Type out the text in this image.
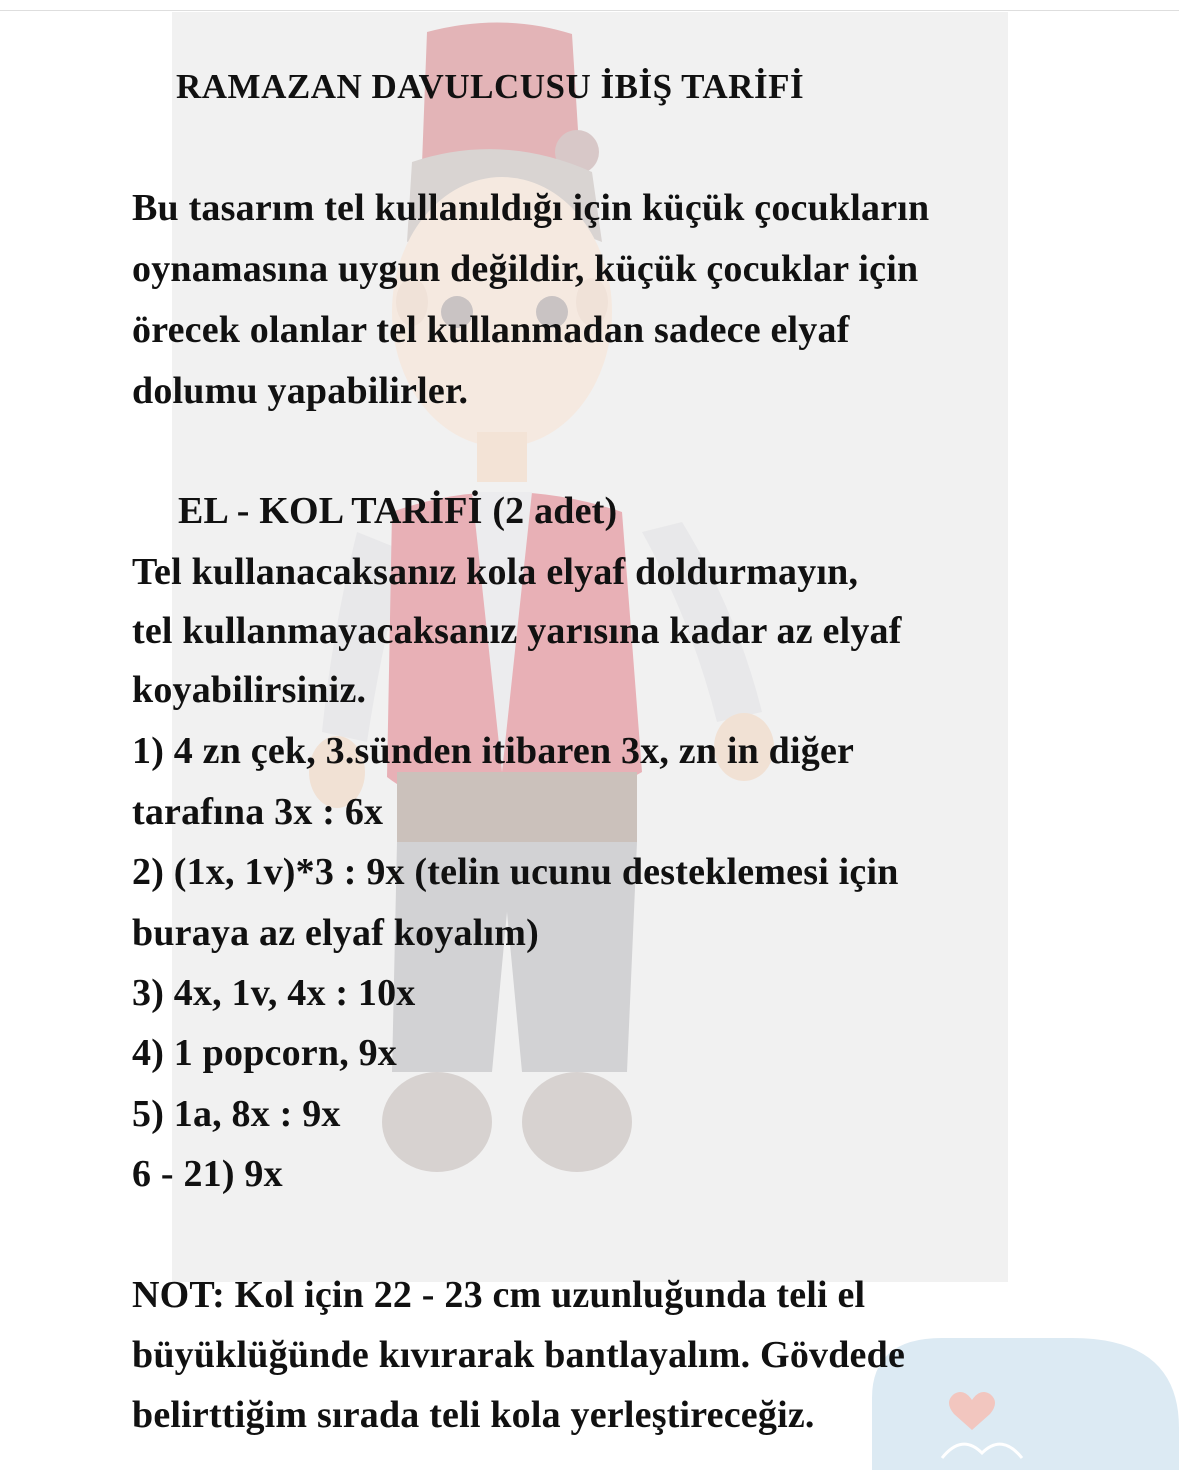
RAMAZAN DAVULCUSU İBİŞ TARİFİ
Bu tasarım tel kullanıldığı için küçük çocukların
oynamasına uygun değildir, küçük çocuklar için
örecek olanlar tel kullanmadan sadece elyaf
dolumu yapabilirler.
EL - KOL TARİFİ (2 adet)
Tel kullanacaksanız kola elyaf doldurmayın,
tel kullanmayacaksanız yarısına kadar az elyaf
koyabilirsiniz.
1) 4 zn çek, 3.sünden itibaren 3x, zn in diğer
tarafına 3x : 6x
2) (1x, 1v)*3 : 9x (telin ucunu desteklemesi için
buraya az elyaf koyalım)
3) 4x, 1v, 4x : 10x
4) 1 popcorn, 9x
5) 1a, 8x : 9x
6 - 21) 9x
NOT: Kol için 22 - 23 cm uzunluğunda teli el
büyüklüğünde kıvırarak bantlayalım. Gövdede
belirttiğim sırada teli kola yerleştireceğiz.
